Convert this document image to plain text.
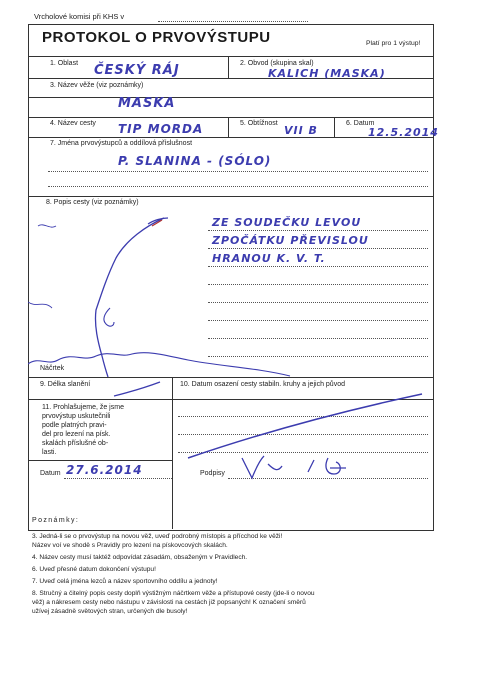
Vrcholové komisi při KHS v
PROTOKOL O PRVOVÝSTUPU	Platí pro 1 výstup!
1. Oblast ČESKÝ RÁJ	2. Obvod (skupina skal)
KALICH (MASKA)
3. Název věže (viz poznámky)
MASKA
4. Název cesty TIP MORDA	5. Obtížnost
VII B
6. Datum
12.5.2014
7. Jména prvovýstupců a oddílová příslušnost
P. SLANINA - (SÓLO)
8. Popis cesty (viz poznámky)
ZE SOUDEČKU LEVOU
ZPOČÁTKU PŘEVISLOU
HRANOU K. V. T.
Náčrtek
9. Délka slanění	10. Datum osazení cesty stabiln. kruhy a jejich původ
11. Prohlašujeme, že jsme
prvovýstup uskutečnili
podle platných pravi-
del pro lezení na písk.
skalách příslušné ob-
lasti.
Datum 27.6.2014	Podpisy
Poznámky:
3. Jedná-li se o prvovýstup na novou věž, uveď podrobný místopis a přícchod ke věži!
Název voí ve shodě s Pravidly pro lezení na pískovcových skalách.
4. Název cesty musí taktéž odpovídat zásadám, obsaženým v Pravidlech.
6. Uveď přesné datum dokončení výstupu!
7. Uveď celá jména lezců a název sportovního oddílu a jednoty!
8. Stručný a čitelný popis cesty doplň výstižným náčrtkem věže a přístupové cesty (jde-li o novou
věž) a nákresem cesty nebo nástupu v závislosti na cestách již popsaných! K označení směrů
užívej zásadně světových stran, určených dle busoly!
